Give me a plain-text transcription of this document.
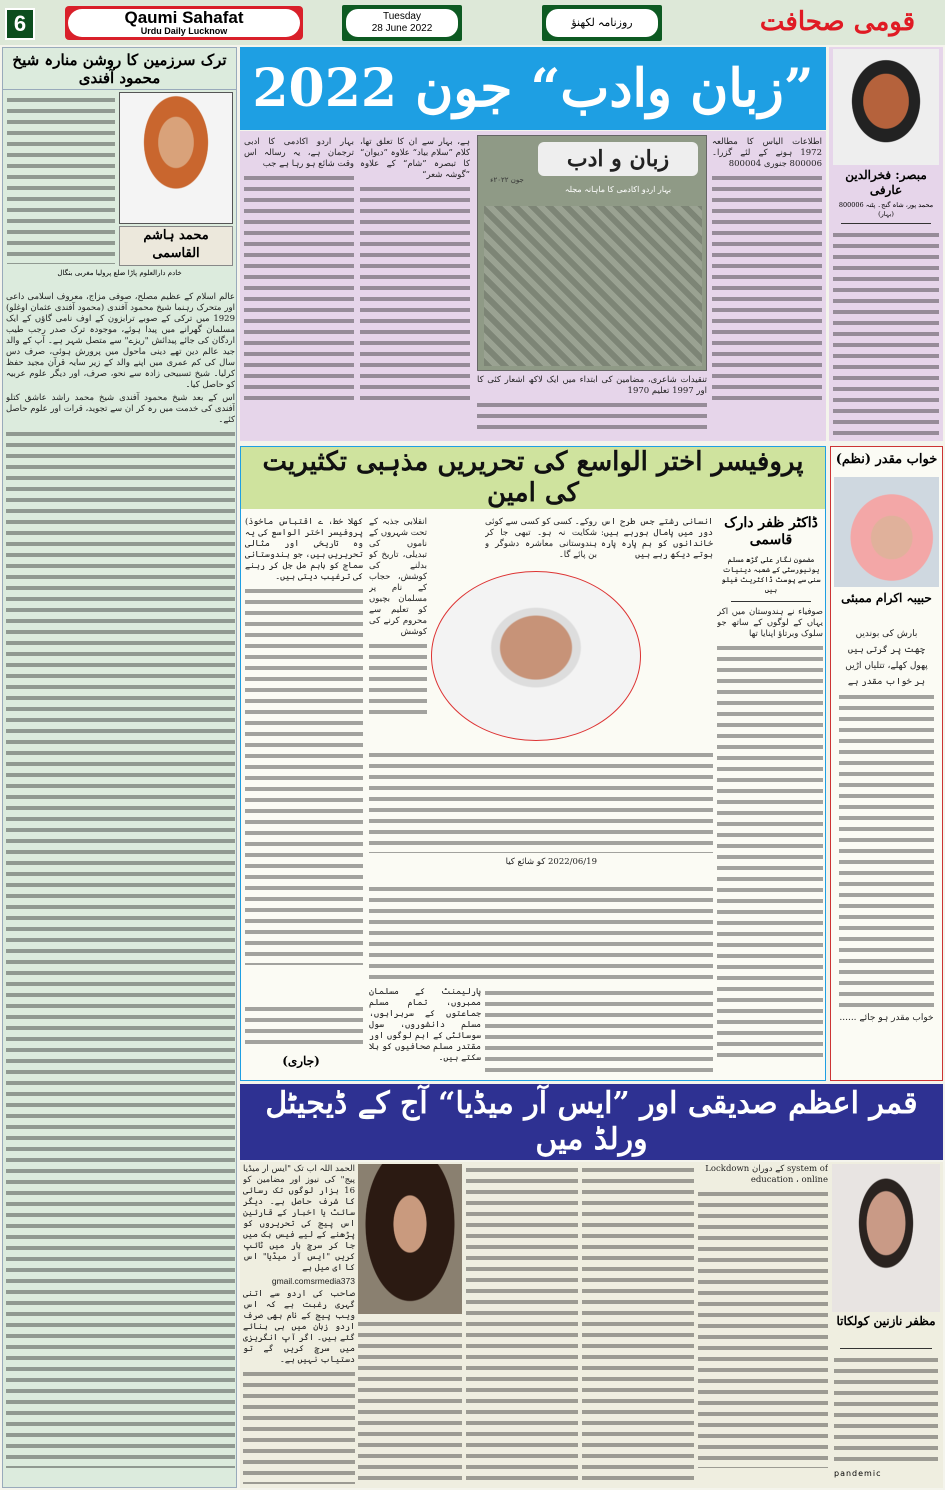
6	Qaumi Sahafat
Urdu Daily Lucknow
Tuesday
28 June 2022	روزنامہ لکھنؤ	قومی صحافت
ترک سرزمین کا روشن منارہ شیخ محمود آفندی
محمد ہاشم القاسمی
خادم دارالعلوم پاڑا ضلع پرولیا مغربی بنگال

عالم اسلام کے عظیم مصلح، صوفی مزاج، معروف اسلامی داعی اور متحرک رہنما شیخ محمود آفندی (محمود آفندی عثمان اوغلو) 1929 میں ترکی کے صوبے ترابزون کے اوف نامی گاؤں کے ایک مسلمان گھرانے میں پیدا ہوئے، موجودہ ترک صدر رجب طیب اردگان کی جائے پیدائش "ریزے" سے متصل شہر ہے۔ آپ کے والد جید عالم دین تھے دینی ماحول میں پرورش ہوئی، صرف دس سال کی کم عمری میں اپنے والد کے زیر سایہ قرآن مجید حفظ کرلیا۔ شیخ تسبیحی زادہ سے نحو، صرف، اور دیگر علوم عربیہ کو حاصل کیا۔

اس کے بعد شیخ محمود آفندی شیخ محمد راشد عاشق کتلو آفندی کی خدمت میں رہ کر ان سے تجوید، قرات اور علوم حاصل کئے۔

”زبان وادب“ جون 2022

بہار اردو اکادمی کا ادبی ترجمان ہے، یہ رسالہ اس وقت شائع ہو رہا ہے جب

ہے، بہار سے ان کا تعلق تھا، کلام ”سلام بیاد“ علاوہ ”دیوان“ کا تبصرہ ”شام“ کے علاوہ ”گوشہ شعر“

زبان و ادب
بہار اردو اکادمی کا ماہانہ مجلہ
جون ۲۰۲۲ء

تنقیدات شاعری، مضامین کی ابتداء میں ایک لاکھ اشعار کئی کا اور 1997 تعلیم 1970

اطلاعات الیاس کا مطالعہ 1972 ہونے کے لئے گزرا۔ 800006 جنوری 800004

مبصر: فخرالدین عارفی
محمد پور، شاہ گنج۔ پٹنہ 800006 (بہار)
پروفیسر اختر الواسع کی تحریریں مذہبی تکثیریت کی امین
ڈاکٹر ظفر دارک قاسمی
مضمون نگار علی گڑھ مسلم یونیورسٹی کے شعبہ دینیات سنی سے پوسٹ ڈاکٹریٹ فیلو ہیں

صوفیاء نے ہندوستان میں آکر یہاں کے لوگوں کے ساتھ جو سلوک وبرتاؤ اپنایا تھا

انسانی رشتے جس طرح اس دور میں پامال ہورہے ہیں: خاندانوں کو ہم پارہ پارہ ہوتے دیکھ رہے ہیں

روکے۔ کسی کو کسی سے کوئی شکایت نہ ہو۔ تبھی جا کر ہندوستانی معاشرہ دشوگر و بن پائے گا۔

انقلابی جذبہ کے تحت شہروں کے ناموں کی تبدیلی، تاریخ کو بدلنے کی کوشش، حجاب کے نام پر مسلمان بچیوں کو تعلیم سے محروم کرنے کی کوشش

کھلا خط، ے اقتباس ماخوذ) پروفیسر اختر الواسع کی یہ وہ تاریخی اور مثالی تحریریں ہیں، جو ہندوستانی سماج کو باہم مل جل کر رہنے کی ترغیب دیتی ہیں۔

2022/06/19 کو شائع کیا

پارلیمنٹ کے مسلمان ممبروں، تمام مسلم جماعتوں کے سربراہوں، مسلم دانشوروں، سول سوسائٹی کے اہم لوگوں اور مقتدر مسلم صحافیوں کو بلا سکتے ہیں۔

(جاری)
خواب مقدر (نظم)
حبیبہ اکرام ممبئی

بارش کی بوندیں

چھت پر گرتی ہیں

پھول کھلے، تتلیاں اڑیں

ہر خواب مقدر ہے

خواب مقدر ہو جائے ......

قمر اعظم صدیقی اور ”ایس آر میڈیا“ آج کے ڈیجیٹل ورلڈ میں

الحمد اللہ اب تک "ایس آر میڈیا پیج" کی نیوز اور مضامین کو 16 ہزار لوگوں تک رسائی کا شرف حاصل ہے۔ دیگر سائٹ یا اخبار کے قارئین اس پیج کی تحریروں کو پڑھنے کے لیے فیس بک میں جا کر سرچ بار میں ٹائپ کریں "ایس آر میڈیا" اس کا ای میل ہے

gmail.comsrmedia373

صاحب کی اردو سے اتنی گہری رغبت ہے کہ اس ویب پیج کے نام بھی صرف اردو زبان میں ہی بنائے گئے ہیں۔ اگر آپ انگریزی میں سرچ کریں گے تو دستیاب نہیں ہے۔

Lockdown کے دوران system of education ، online

مظفر نازنین کولکاتا
pandemic
